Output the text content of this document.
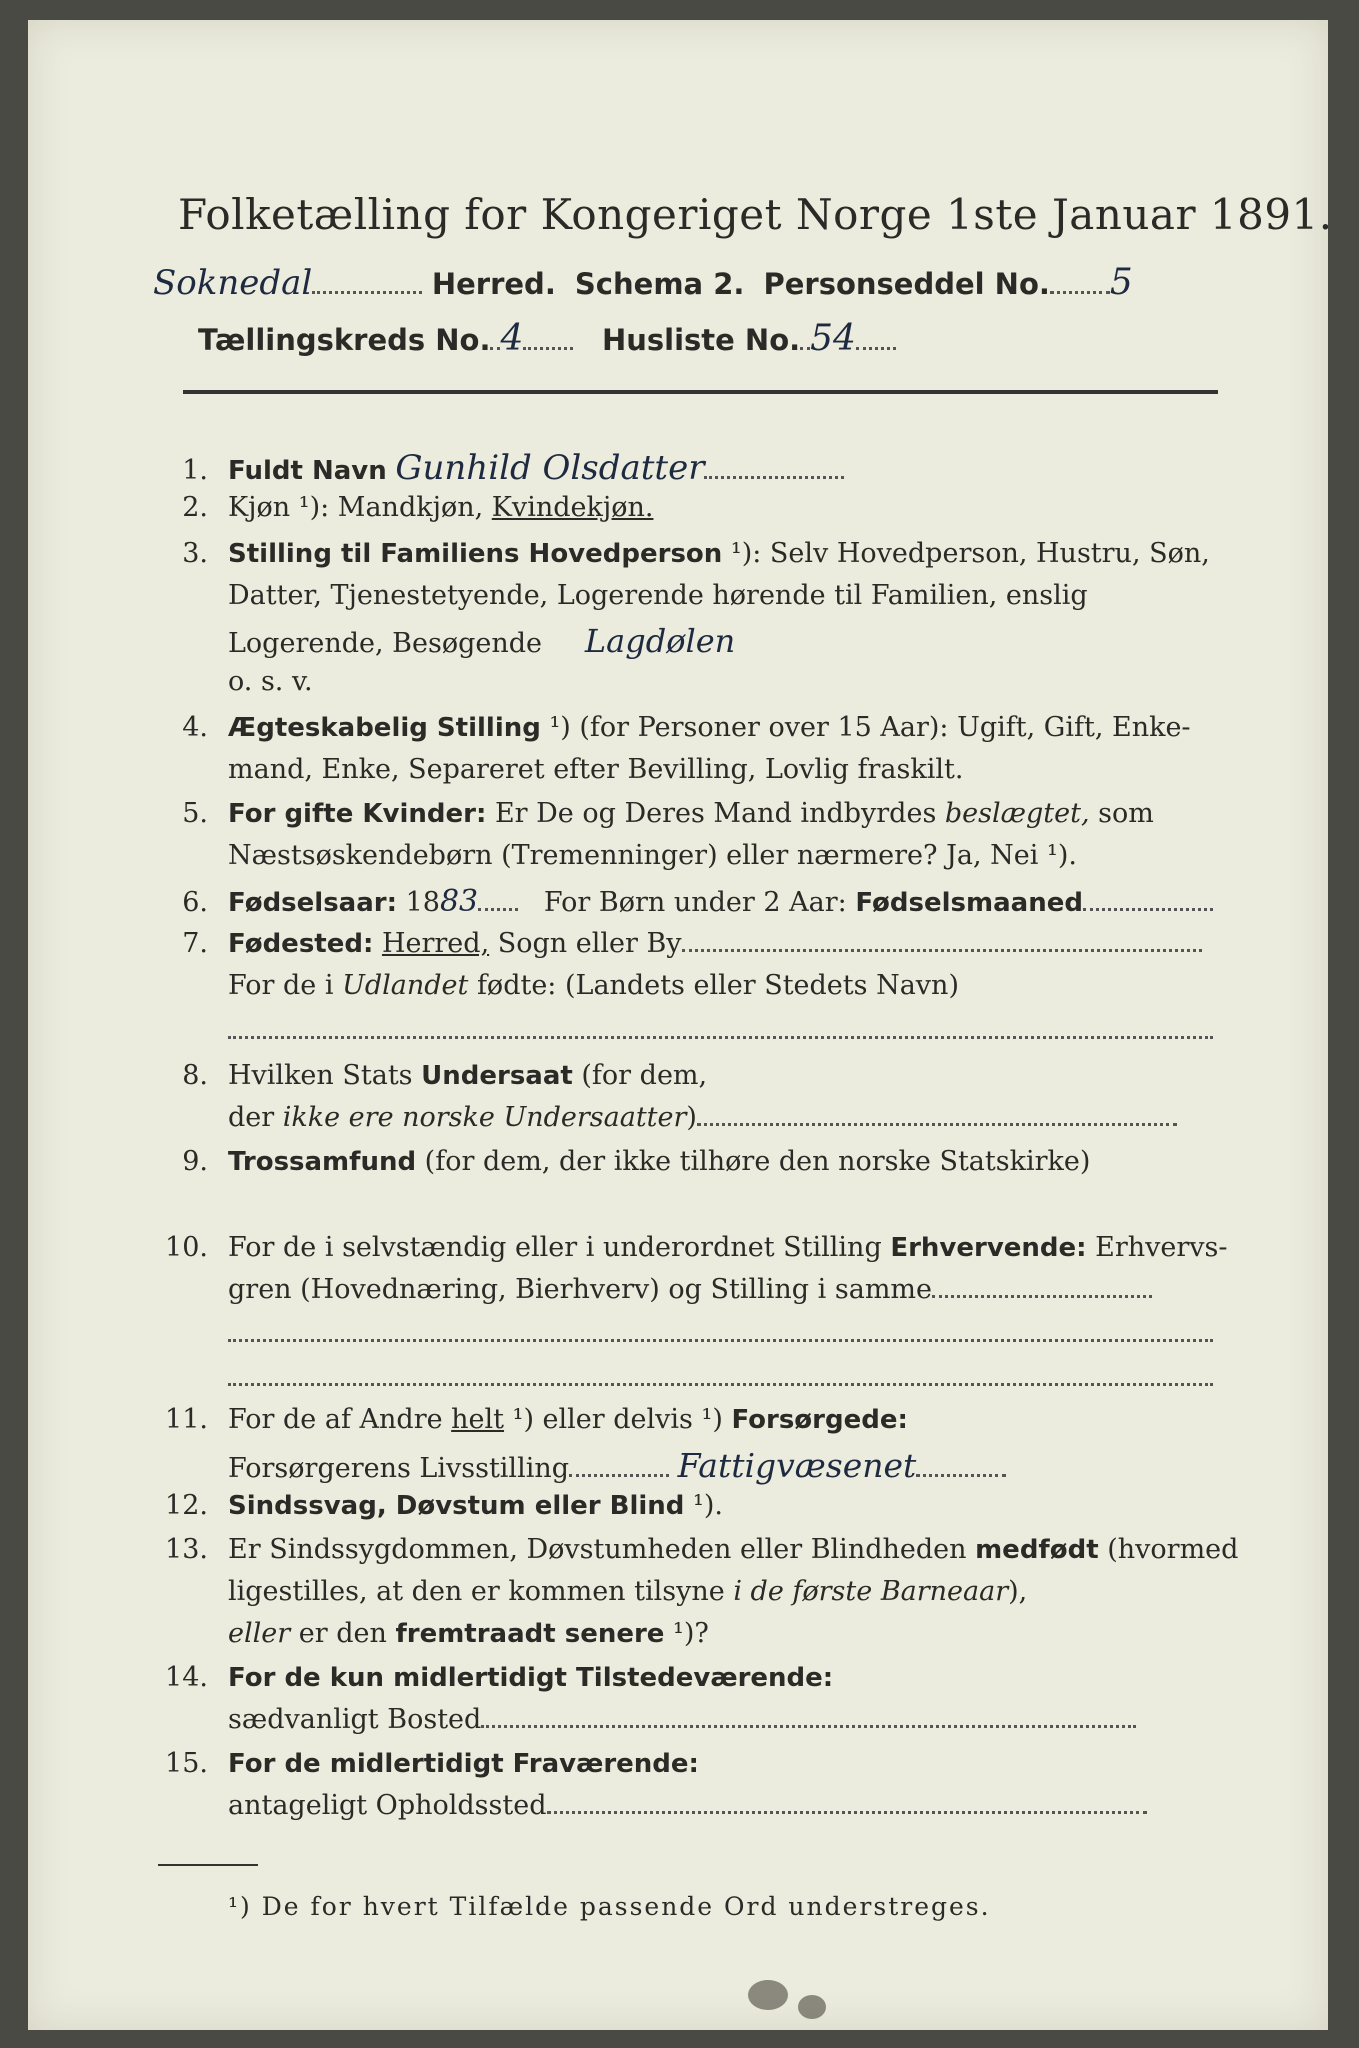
Folketælling for Kongeriget Norge 1ste Januar 1891.
Soknedal	Herred. Schema 2. Personseddel No. 5
Tællingskreds No. 4	Husliste No. 54
1. Fuldt Navn Gunhild Olsdatter
2. Kjøn ¹): Mandkjøn, Kvindekjøn.
3. Stilling til Familiens Hovedperson ¹): Selv Hovedperson, Hustru, Søn,
Datter, Tjenestetyende, Logerende hørende til Familien, enslig
Logerende, Besøgende Lagdølen
o. s. v.
4. Ægteskabelig Stilling ¹) (for Personer over 15 Aar): Ugift, Gift, Enke-
mand, Enke, Separeret efter Bevilling, Lovlig fraskilt.
5. For gifte Kvinder: Er De og Deres Mand indbyrdes beslægtet, som
Næstsøskendebørn (Tremenninger) eller nærmere? Ja, Nei ¹).
6. Fødselsaar: 1883 For Børn under 2 Aar: Fødselsmaaned
7. Fødested: Herred, Sogn eller By
For de i Udlandet fødte: (Landets eller Stedets Navn)
8. Hvilken Stats Undersaat (for dem,
der ikke ere norske Undersaatter)
9. Trossamfund (for dem, der ikke tilhøre den norske Statskirke)
10. For de i selvstændig eller i underordnet Stilling Erhvervende: Erhvervs-
gren (Hovednæring, Bierhverv) og Stilling i samme
11. For de af Andre helt ¹) eller delvis ¹) Forsørgede:
Forsørgerens Livsstilling	Fattigvæsenet
12. Sindssvag, Døvstum eller Blind ¹).
13. Er Sindssygdommen, Døvstumheden eller Blindheden medfødt (hvormed
ligestilles, at den er kommen tilsyne i de første Barneaar),
eller er den fremtraadt senere ¹)?
14. For de kun midlertidigt Tilstedeværende:
sædvanligt Bosted
15. For de midlertidigt Fraværende:
antageligt Opholdssted
¹) De for hvert Tilfælde passende Ord understreges.
